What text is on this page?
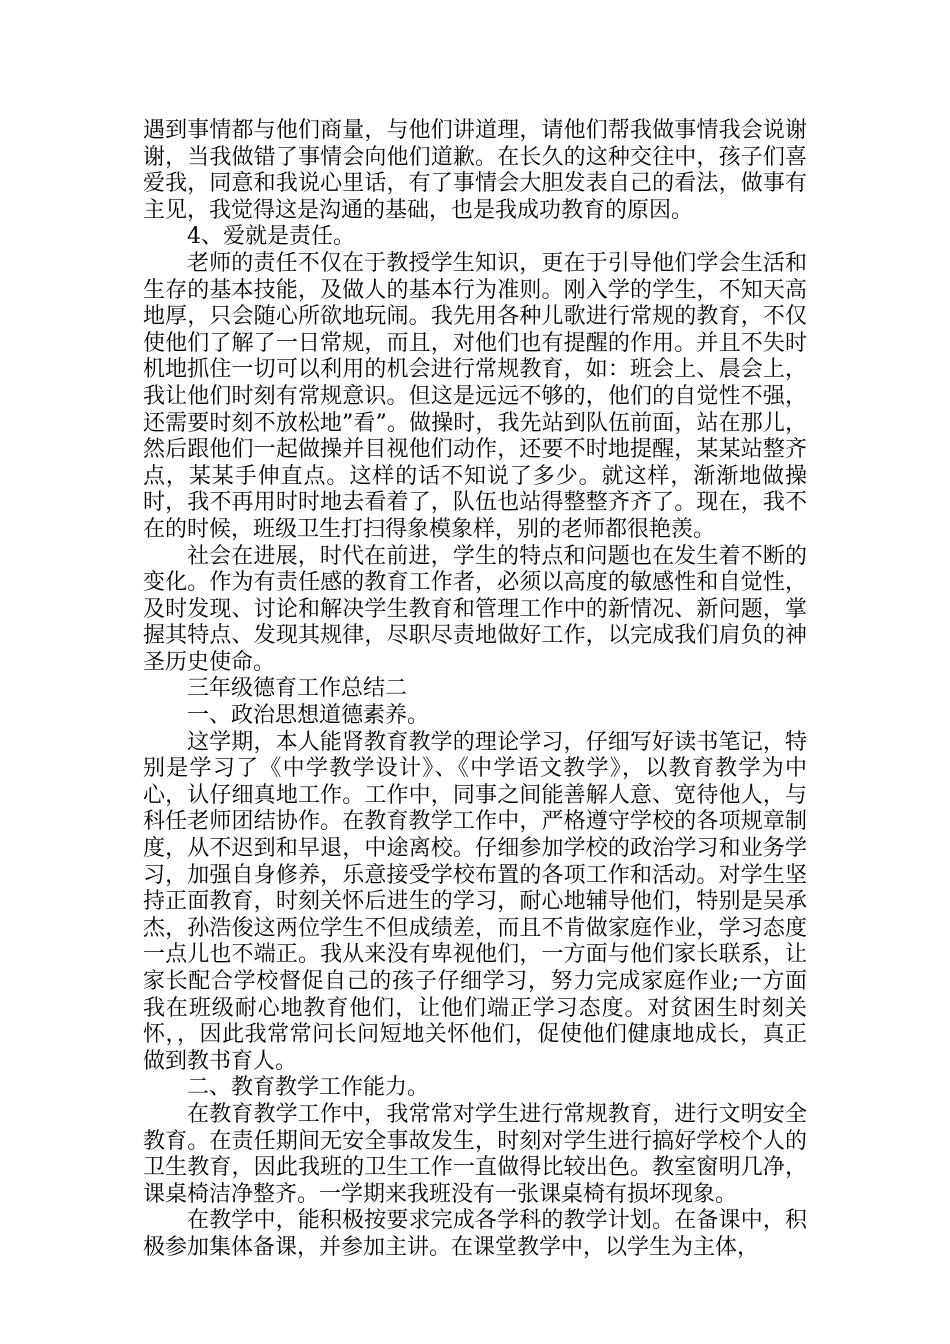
遇到事情都与他们商量，与他们讲道理，请他们帮我做事情我会说谢谢，当我做错了事情会向他们道歉。在长久的这种交往中，孩子们喜爱我，同意和我说心里话，有了事情会大胆发表自己的看法，做事有主见，我觉得这是沟通的基础，也是我成功教育的原因。

4、爱就是责任。

老师的责任不仅在于教授学生知识，更在于引导他们学会生活和生存的基本技能，及做人的基本行为准则。刚入学的学生，不知天高地厚，只会随心所欲地玩闹。我先用各种儿歌进行常规的教育，不仅使他们了解了一日常规，而且，对他们也有提醒的作用。并且不失时机地抓住一切可以利用的机会进行常规教育，如：班会上、晨会上，我让他们时刻有常规意识。但这是远远不够的，他们的自觉性不强，还需要时刻不放松地”看”。做操时，我先站到队伍前面，站在那儿，然后跟他们一起做操并目视他们动作，还要不时地提醒，某某站整齐点，某某手伸直点。这样的话不知说了多少。就这样，渐渐地做操时，我不再用时时地去看着了，队伍也站得整整齐齐了。现在，我不在的时候，班级卫生打扫得象模象样，别的老师都很艳羡。

社会在进展，时代在前进，学生的特点和问题也在发生着不断的变化。作为有责任感的教育工作者，必须以高度的敏感性和自觉性，及时发现、讨论和解决学生教育和管理工作中的新情况、新问题，掌握其特点、发现其规律，尽职尽责地做好工作，以完成我们肩负的神圣历史使命。

三年级德育工作总结二

一、政治思想道德素养。

这学期，本人能肾教育教学的理论学习，仔细写好读书笔记，特别是学习了《中学教学设计》、《中学语文教学》，以教育教学为中心，认仔细真地工作。工作中，同事之间能善解人意、宽待他人，与科任老师团结协作。在教育教学工作中，严格遵守学校的各项规章制度，从不迟到和早退，中途离校。仔细参加学校的政治学习和业务学习，加强自身修养，乐意接受学校布置的各项工作和活动。对学生坚持正面教育，时刻关怀后进生的学习，耐心地辅导他们，特别是吴承杰，孙浩俊这两位学生不但成绩差，而且不肯做家庭作业，学习态度一点儿也不端正。我从来没有卑视他们，一方面与他们家长联系，让家长配合学校督促自己的孩子仔细学习，努力完成家庭作业;一方面我在班级耐心地教育他们，让他们端正学习态度。对贫困生时刻关怀，，因此我常常问长问短地关怀他们，促使他们健康地成长，真正做到教书育人。

二、教育教学工作能力。

在教育教学工作中，我常常对学生进行常规教育，进行文明安全教育。在责任期间无安全事故发生，时刻对学生进行搞好学校个人的卫生教育，因此我班的卫生工作一直做得比较出色。教室窗明几净，课桌椅洁净整齐。一学期来我班没有一张课桌椅有损坏现象。

在教学中，能积极按要求完成各学科的教学计划。在备课中，积极参加集体备课，并参加主讲。在课堂教学中，以学生为主体，
